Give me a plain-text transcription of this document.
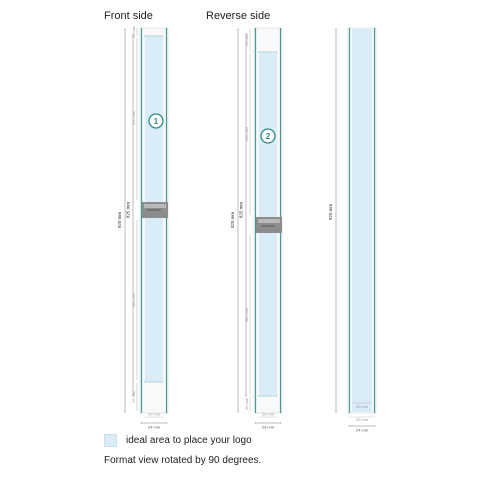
Front side	Reverse side
1
920 mm
825 mm
50 mm
320 mm
380 mm
10 mm
20 mm
24 mm
2
920 mm
825 mm
20 mm
350 mm
380 mm
10 mm
20 mm
24 mm
920 mm
20 mm
20 mm
24 mm
ideal area to place your logo
Format view rotated by 90 degrees.
